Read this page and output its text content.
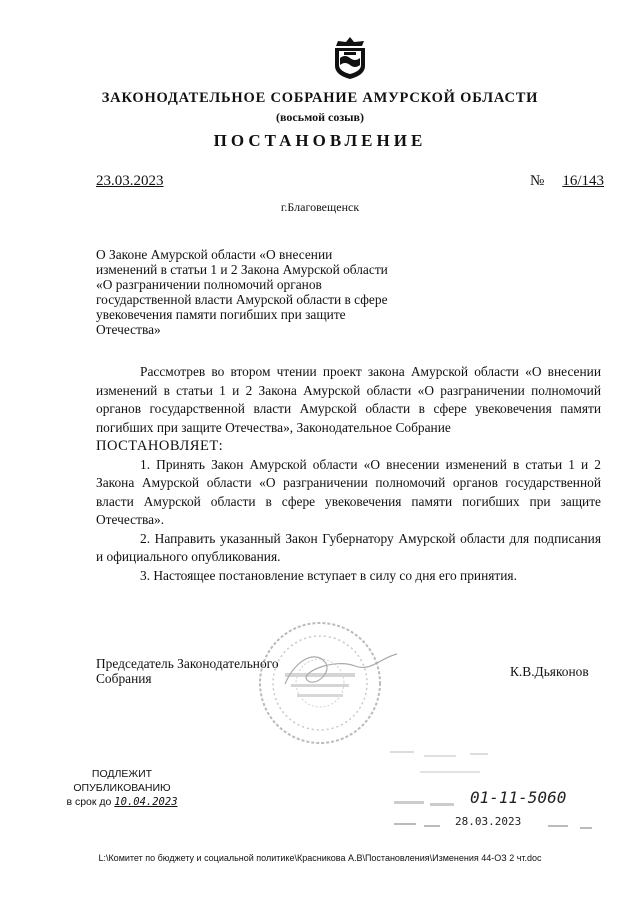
ЗАКОНОДАТЕЛЬНОЕ СОБРАНИЕ АМУРСКОЙ ОБЛАСТИ
(восьмой созыв)
ПОСТАНОВЛЕНИЕ
23.03.2023	№ 16/143
г.Благовещенск
О Законе Амурской области «О внесении изменений в статьи 1 и 2 Закона Амурской области «О разграничении полномочий органов государственной власти Амурской области в сфере увековечения памяти погибших при защите Отечества»

Рассмотрев во втором чтении проект закона Амурской области «О внесении изменений в статьи 1 и 2 Закона Амурской области «О разграничении полномочий органов государственной власти Амурской области в сфере увековечения памяти погибших при защите Отечества», Законодательное Собрание

ПОСТАНОВЛЯЕТ:

1. Принять Закон Амурской области «О внесении изменений в статьи 1 и 2 Закона Амурской области «О разграничении полномочий органов государственной власти Амурской области в сфере увековечения памяти погибших при защите Отечества».

2. Направить указанный Закон Губернатору Амурской области для подписания и официального опубликования.

3. Настоящее постановление вступает в силу со дня его принятия.

Председатель Законодательного
Собрания	К.В.Дьяконов
ПОДЛЕЖИТ
ОПУБЛИКОВАНИЮ
в срок до 10.04.2023	01-11-5060
28.03.2023
L:\Комитет по бюджету и социальной политике\Красникова А.В\Постановления\Изменения 44-ОЗ 2 чт.doc
